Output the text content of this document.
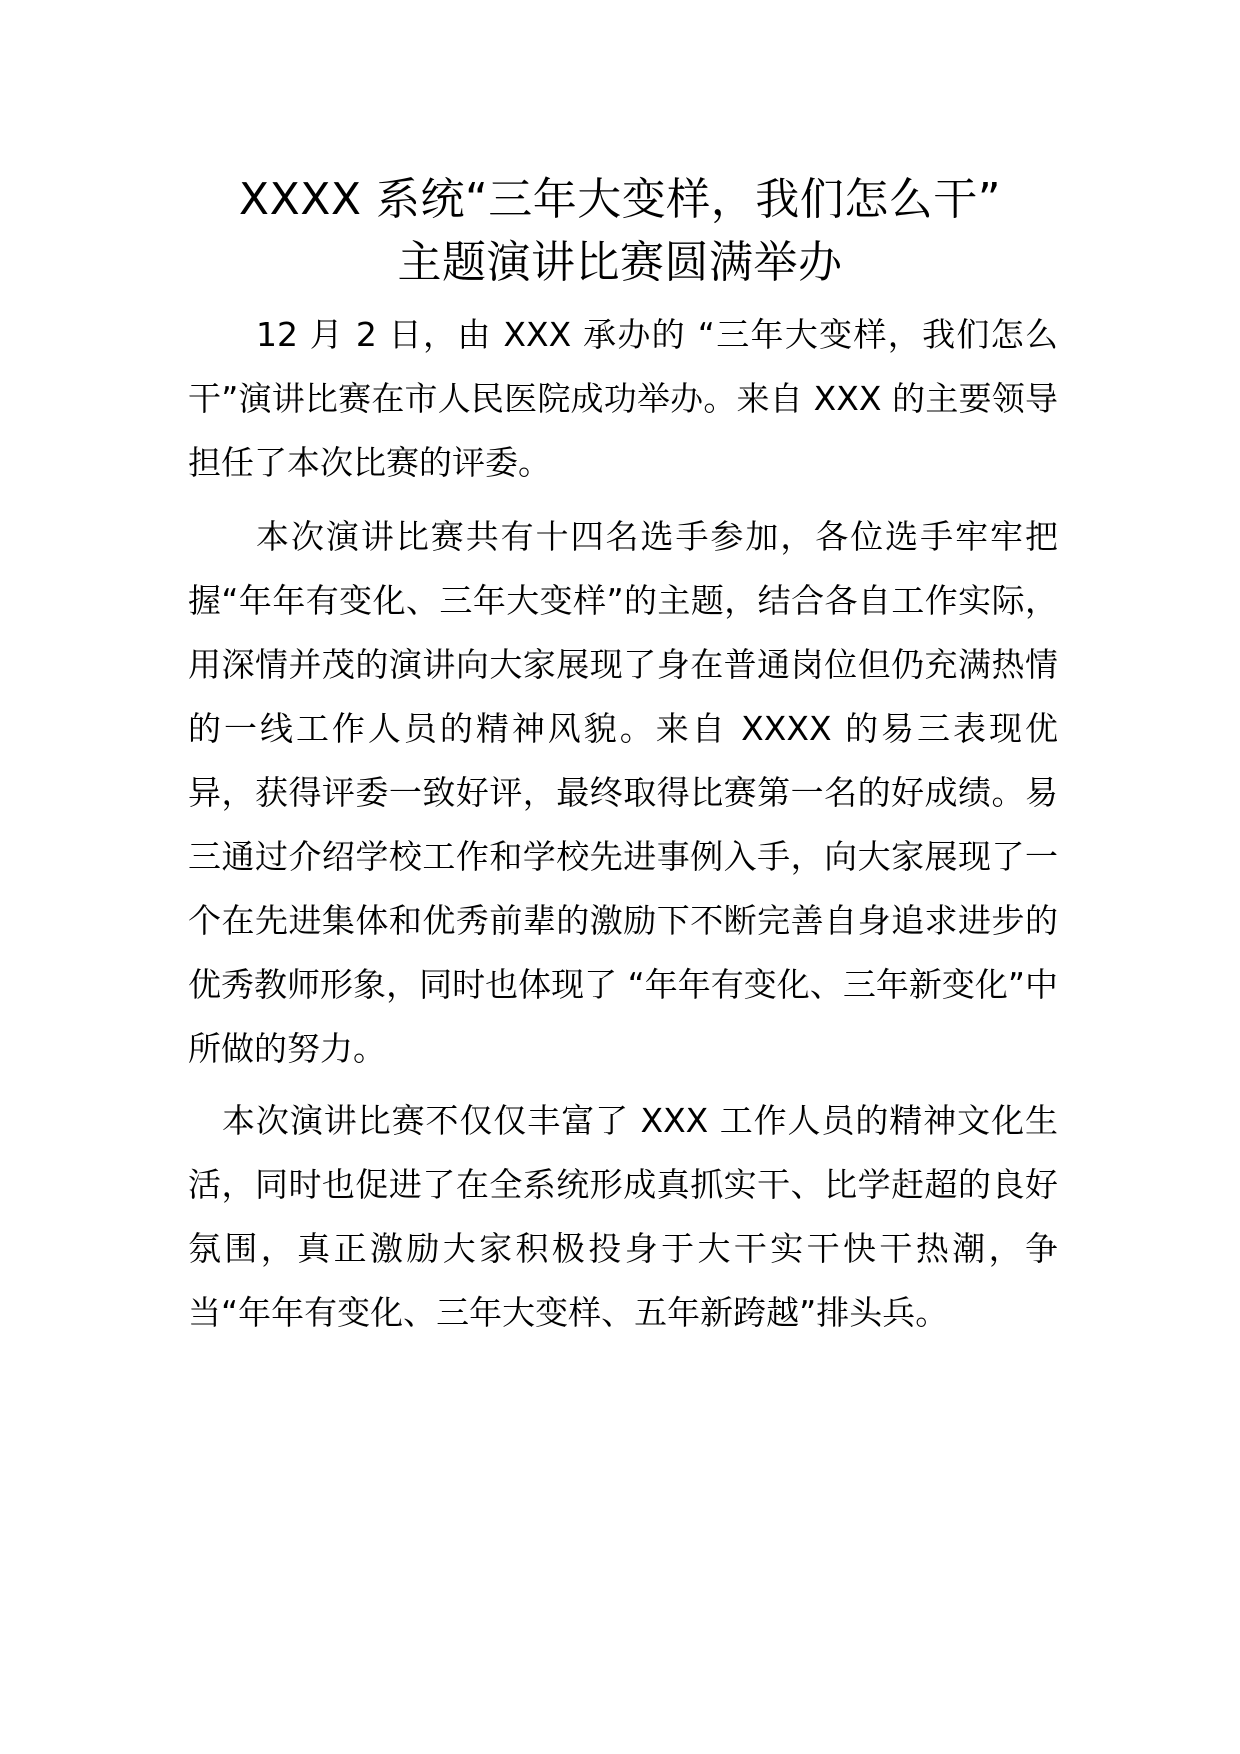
XXXX 系统“三年大变样，我们怎么干”
主题演讲比赛圆满举办

12 月 2 日，由 XXX 承办的 “三年大变样，我们怎么干”演讲比赛在市人民医院成功举办。来自 XXX 的主要领导担任了本次比赛的评委。

本次演讲比赛共有十四名选手参加，各位选手牢牢把握“年年有变化、三年大变样”的主题，结合各自工作实际，用深情并茂的演讲向大家展现了身在普通岗位但仍充满热情的一线工作人员的精神风貌。来自 XXXX 的易三表现优异，获得评委一致好评，最终取得比赛第一名的好成绩。易三通过介绍学校工作和学校先进事例入手，向大家展现了一个在先进集体和优秀前辈的激励下不断完善自身追求进步的优秀教师形象，同时也体现了 “年年有变化、三年新变化”中所做的努力。

本次演讲比赛不仅仅丰富了 XXX 工作人员的精神文化生活，同时也促进了在全系统形成真抓实干、比学赶超的良好氛围，真正激励大家积极投身于大干实干快干热潮，争当“年年有变化、三年大变样、五年新跨越”排头兵。
